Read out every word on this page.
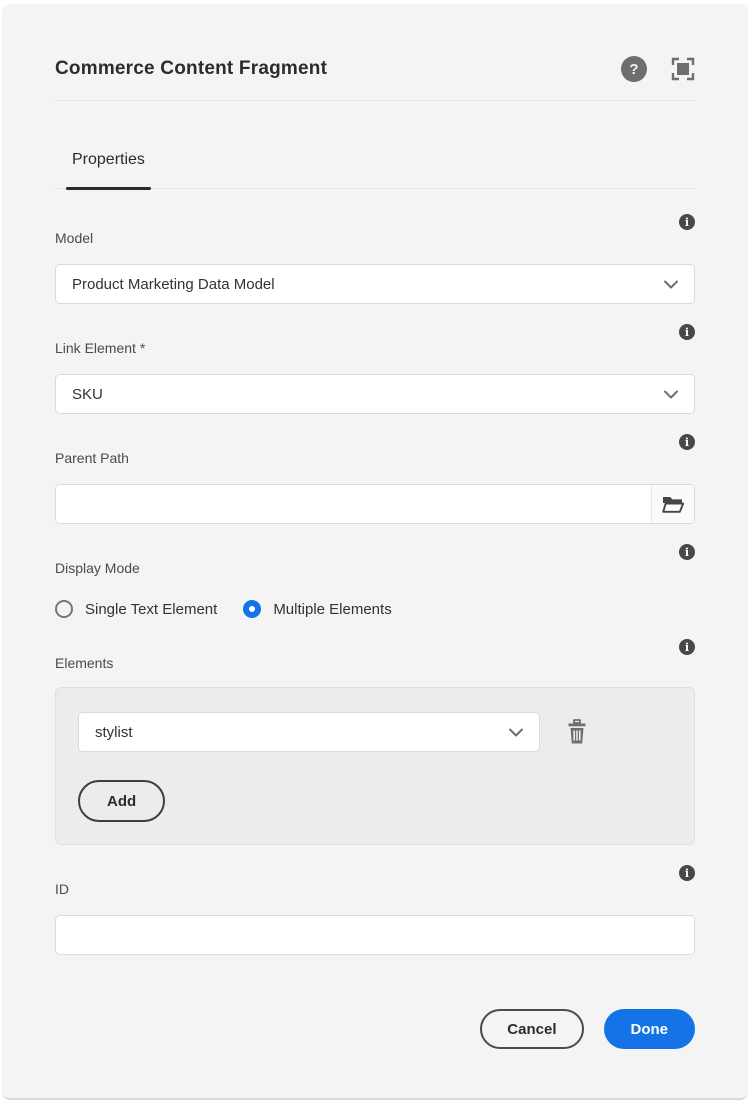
Commerce Content Fragment	?
Properties
i
Model
Product Marketing Data Model
i
Link Element *
SKU
i
Parent Path
i
Display Mode
Single Text Element	Multiple Elements
i
Elements
stylist
Add
i
ID
Cancel	Done
